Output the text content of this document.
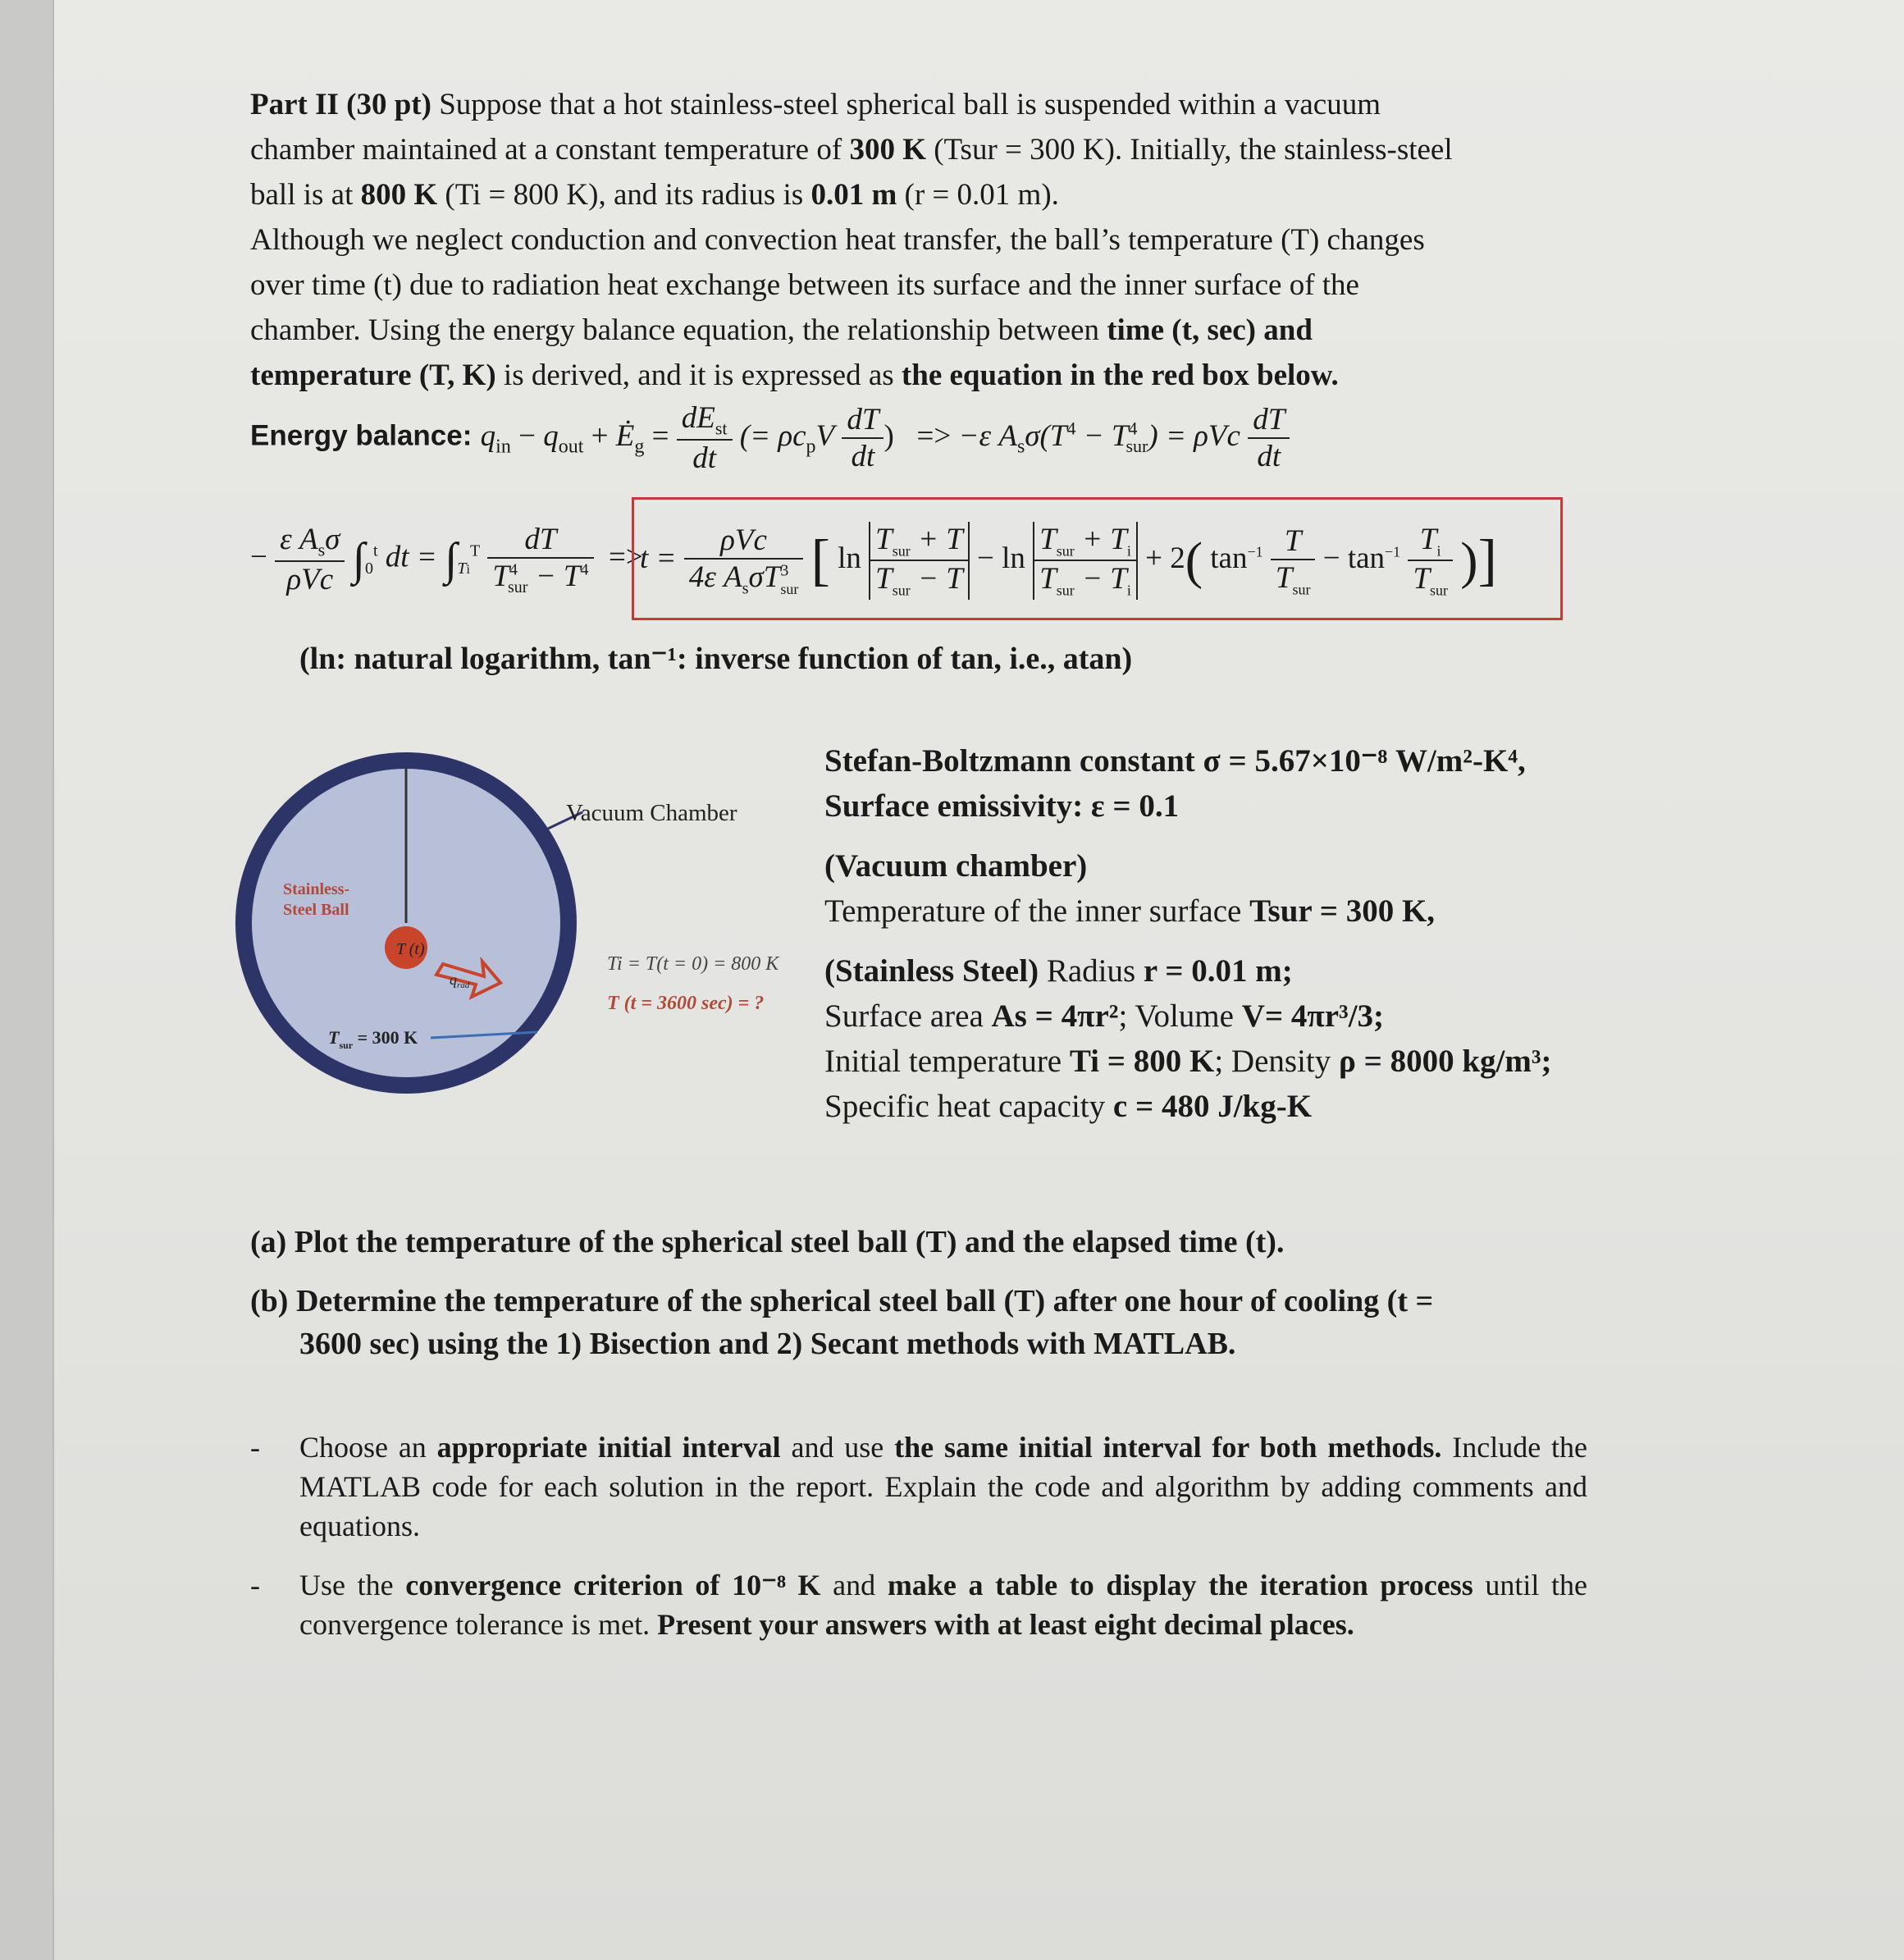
Part II (30 pt) Suppose that a hot stainless-steel spherical ball is suspended within a vacuum
chamber maintained at a constant temperature of 300 K (Tsur = 300 K). Initially, the stainless-steel
ball is at 800 K (Ti = 800 K), and its radius is 0.01 m (r = 0.01 m).
Although we neglect conduction and convection heat transfer, the ball’s temperature (T) changes
over time (t) due to radiation heat exchange between its surface and the inner surface of the
chamber. Using the energy balance equation, the relationship between time (t, sec) and
temperature (T, K) is derived, and it is expressed as the equation in the red box below.
Energy balance: $q_{in} - q_{out}$ + $Ė_g = \frac{dE_{st}}{dt}$ (= $\rho c_pV \frac{dT}{dt}$ ) => −ε $A_s\sigma(T^4 - T^4_{sur}) = \rho Vc \frac{dT}{dt}$
− $\frac{\varepsilon A_s\sigma}{\text{ρVc}} \int_0^t$ dt = $\int_{Ti}^T \frac{dT}{T^4_{sur} - T^4}$ =>
$t = \frac{\text{ρVc}}{4\varepsilon A_s\sigma T^3_{sur}}$ [ $\ln \frac{T_{sur} + T}{T_{sur} - T} - \ln \frac{T_{sur} + T_i}{T_{sur} - T_i} + 2$( $\tan^{-1} \frac{T}{T_{sur}} - \tan^{-1} \frac{T_i}{T_{sur}}$ )]
(ln: natural logarithm, tan⁻¹: inverse function of tan, i.e., atan)
T (t)
Stainless-
Steel Ball
$q_{rad}$
$T_{sur} = 300$ K
Vacuum Chamber
Ti = T(t = 0) = 800 K
T (t = 3600 sec) = ?
Stefan-Boltzmann constant σ = 5.67×10⁻⁸ W/m²-K⁴,
Surface emissivity: ε = 0.1
(Vacuum chamber)
Temperature of the inner surface Tsur = 300 K,
(Stainless Steel) Radius r = 0.01 m;
Surface area As = 4πr²; Volume V= 4πr³/3;
Initial temperature Ti = 800 K; Density ρ = 8000 kg/m³;
Specific heat capacity c = 480 J/kg-K
(a) Plot the temperature of the spherical steel ball (T) and the elapsed time (t).
(b) Determine the temperature of the spherical steel ball (T) after one hour of cooling (t =
3600 sec) using the 1) Bisection and 2) Secant methods with MATLAB.
- Choose an appropriate initial interval and use the same initial interval for both methods. Include the MATLAB code for each solution in the report. Explain the code and algorithm by adding comments and equations.
- Use the convergence criterion of 10⁻⁸ K and make a table to display the iteration process until the convergence tolerance is met. Present your answers with at least eight decimal places.
